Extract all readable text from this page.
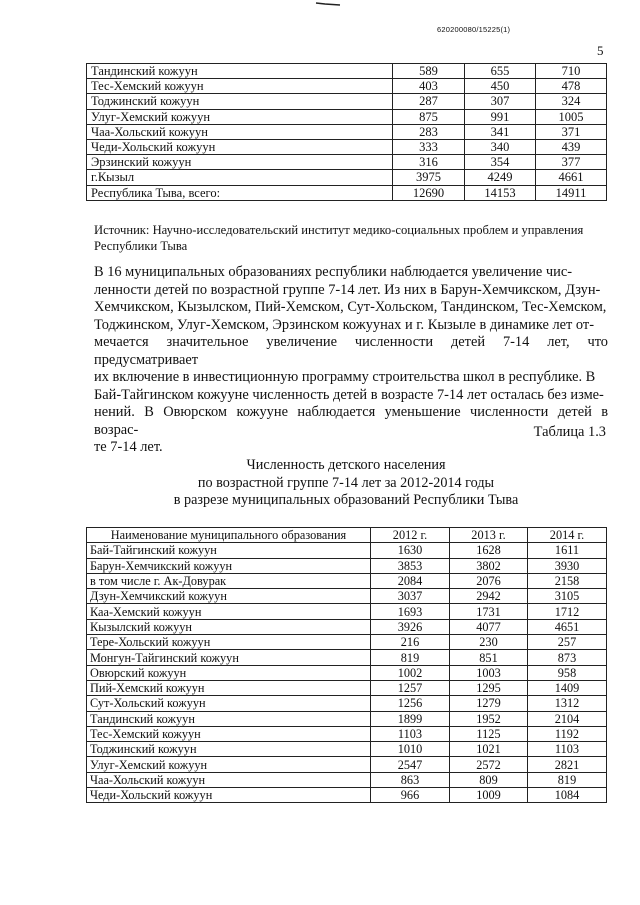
620200080/15225(1)
5
Тандинский кожуун	589	655	710
Тес-Хемский кожуун	403	450	478
Тоджинский кожуун	287	307	324
Улуг-Хемский кожуун	875	991	1005
Чаа-Хольский кожуун	283	341	371
Чеди-Хольский кожуун	333	340	439
Эрзинский кожуун	316	354	377
г.Кызыл	3975	4249	4661
Республика Тыва, всего:	12690	14153	14911
Источник: Научно-исследовательский институт медико-социальных проблем и управления
Республики Тыва
В 16 муниципальных образованиях республики наблюдается увеличение чис-
ленности детей по возрастной группе 7-14 лет. Из них в Барун-Хемчикском, Дзун-
Хемчикском, Кызылском, Пий-Хемском, Сут-Хольском, Тандинском, Тес-Хемском,
Тоджинском, Улуг-Хемском, Эрзинском кожуунах и г. Кызыле в динамике лет от-
мечается значительное увеличение численности детей 7-14 лет, что предусматривает
их включение в инвестиционную программу строительства школ в республике. В
Бай-Тайгинском кожууне численность детей в возрасте 7-14 лет осталась без изме-
нений. В Овюрском кожууне наблюдается уменьшение численности детей в возрас-
те 7-14 лет.
Таблица 1.3
Численность детского населения
по возрастной группе 7-14 лет за 2012-2014 годы
в разрезе муниципальных образований Республики Тыва
Наименование муниципального образования	2012 г.	2013 г.	2014 г.
Бай-Тайгинский кожуун	1630	1628	1611
Барун-Хемчикский кожуун	3853	3802	3930
в том числе г. Ак-Довурак	2084	2076	2158
Дзун-Хемчикский кожуун	3037	2942	3105
Каа-Хемский кожуун	1693	1731	1712
Кызылский кожуун	3926	4077	4651
Тере-Хольский кожуун	216	230	257
Монгун-Тайгинский кожуун	819	851	873
Овюрский кожуун	1002	1003	958
Пий-Хемский кожуун	1257	1295	1409
Сут-Хольский кожуун	1256	1279	1312
Тандинский кожуун	1899	1952	2104
Тес-Хемский кожуун	1103	1125	1192
Тоджинский кожуун	1010	1021	1103
Улуг-Хемский кожуун	2547	2572	2821
Чаа-Хольский кожуун	863	809	819
Чеди-Хольский кожуун	966	1009	1084
